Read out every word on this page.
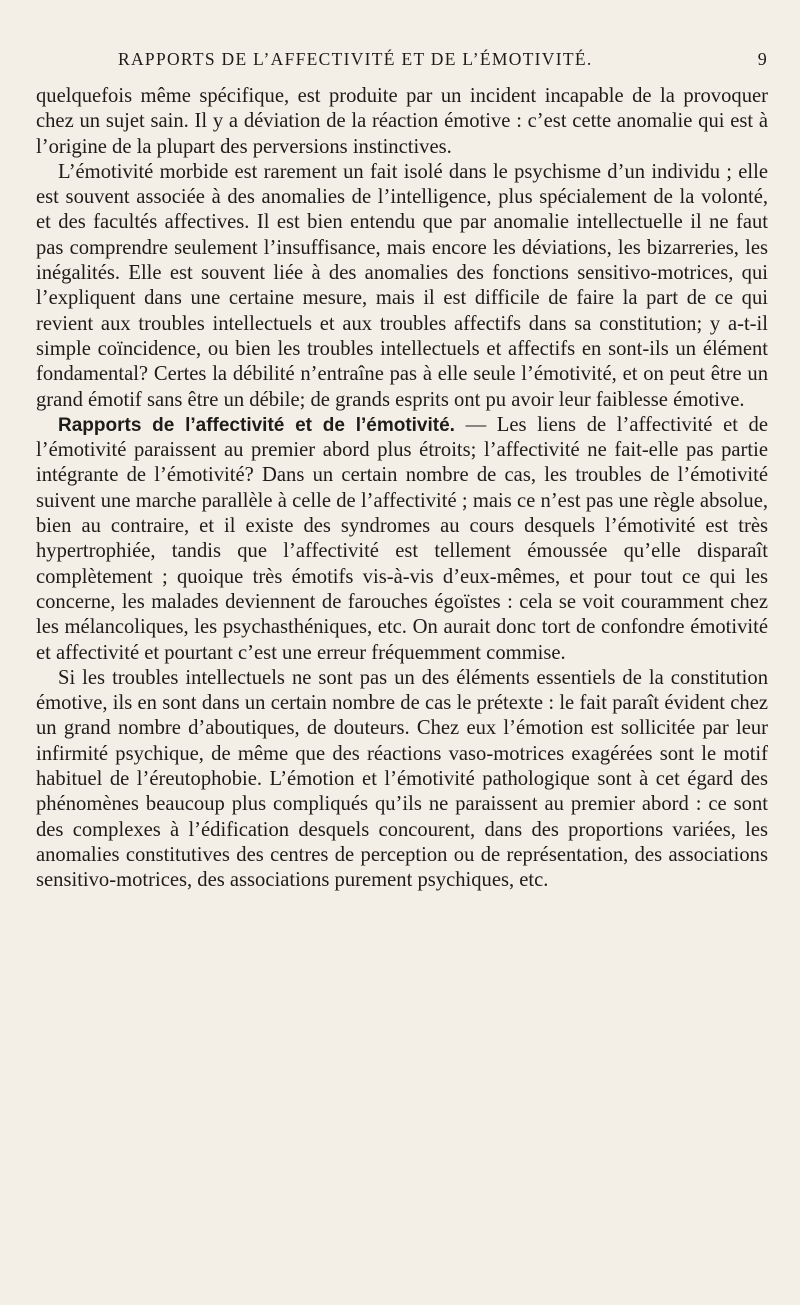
RAPPORTS DE L’AFFECTIVITÉ ET DE L’ÉMOTIVITÉ.	9

quelquefois même spécifique, est produite par un incident incapable de la provoquer chez un sujet sain. Il y a déviation de la réaction émotive : c’est cette anomalie qui est à l’origine de la plupart des perversions instinctives.

L’émotivité morbide est rarement un fait isolé dans le psychisme d’un individu ; elle est souvent associée à des anomalies de l’intelligence, plus spécialement de la volonté, et des facultés affectives. Il est bien entendu que par anomalie intellectuelle il ne faut pas comprendre seulement l’insuffisance, mais encore les déviations, les bizarreries, les inégalités. Elle est souvent liée à des anomalies des fonctions sensitivo-motrices, qui l’expliquent dans une certaine mesure, mais il est difficile de faire la part de ce qui revient aux troubles intellectuels et aux troubles affectifs dans sa constitution; y a-t-il simple coïncidence, ou bien les troubles intellectuels et affectifs en sont-ils un élément fondamental? Certes la débilité n’entraîne pas à elle seule l’émotivité, et on peut être un grand émotif sans être un débile; de grands esprits ont pu avoir leur faiblesse émotive.

Rapports de l’affectivité et de l’émotivité. — Les liens de l’affectivité et de l’émotivité paraissent au premier abord plus étroits; l’affectivité ne fait-elle pas partie intégrante de l’émotivité? Dans un certain nombre de cas, les troubles de l’émotivité suivent une marche parallèle à celle de l’affectivité ; mais ce n’est pas une règle absolue, bien au contraire, et il existe des syndromes au cours desquels l’émotivité est très hypertrophiée, tandis que l’affectivité est tellement émoussée qu’elle disparaît complètement ; quoique très émotifs vis-à-vis d’eux-mêmes, et pour tout ce qui les concerne, les malades deviennent de farouches égoïstes : cela se voit couramment chez les mélancoliques, les psychasthéniques, etc. On aurait donc tort de confondre émotivité et affectivité et pourtant c’est une erreur fréquemment commise.

Si les troubles intellectuels ne sont pas un des éléments essentiels de la constitution émotive, ils en sont dans un certain nombre de cas le prétexte : le fait paraît évident chez un grand nombre d’aboutiques, de douteurs. Chez eux l’émotion est sollicitée par leur infirmité psychique, de même que des réactions vaso-motrices exagérées sont le motif habituel de l’éreutophobie. L’émotion et l’émotivité pathologique sont à cet égard des phénomènes beaucoup plus compliqués qu’ils ne paraissent au premier abord : ce sont des complexes à l’édification desquels concourent, dans des proportions variées, les anomalies constitutives des centres de perception ou de représentation, des associations sensitivo-motrices, des associations purement psychiques, etc.
